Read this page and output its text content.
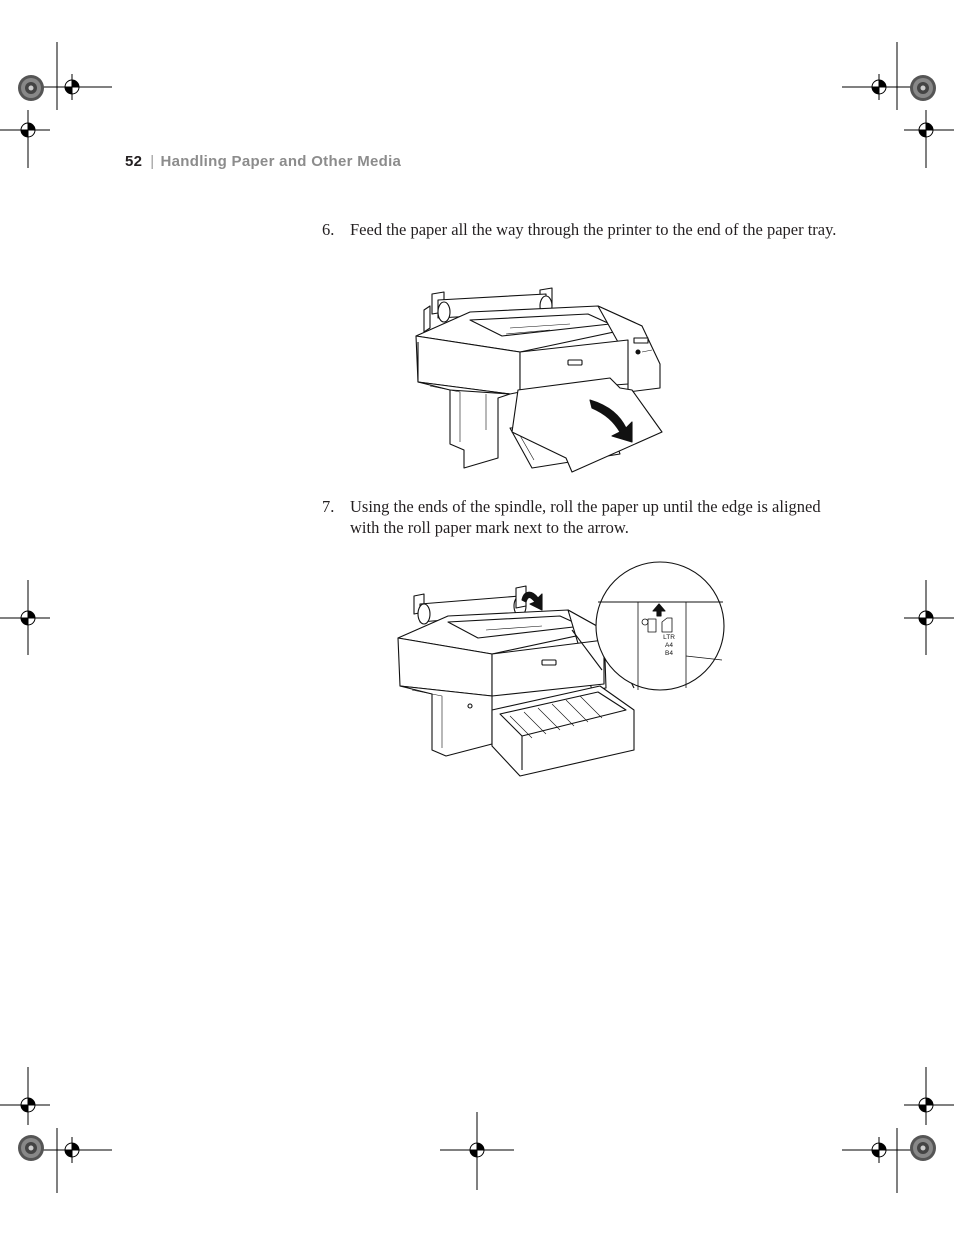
52 | Handling Paper and Other Media
6. Feed the paper all the way through the printer to the end of the paper tray.
7. Using the ends of the spindle, roll the paper up until the edge is aligned with the roll paper mark next to the arrow.
LTR
A4
B4
